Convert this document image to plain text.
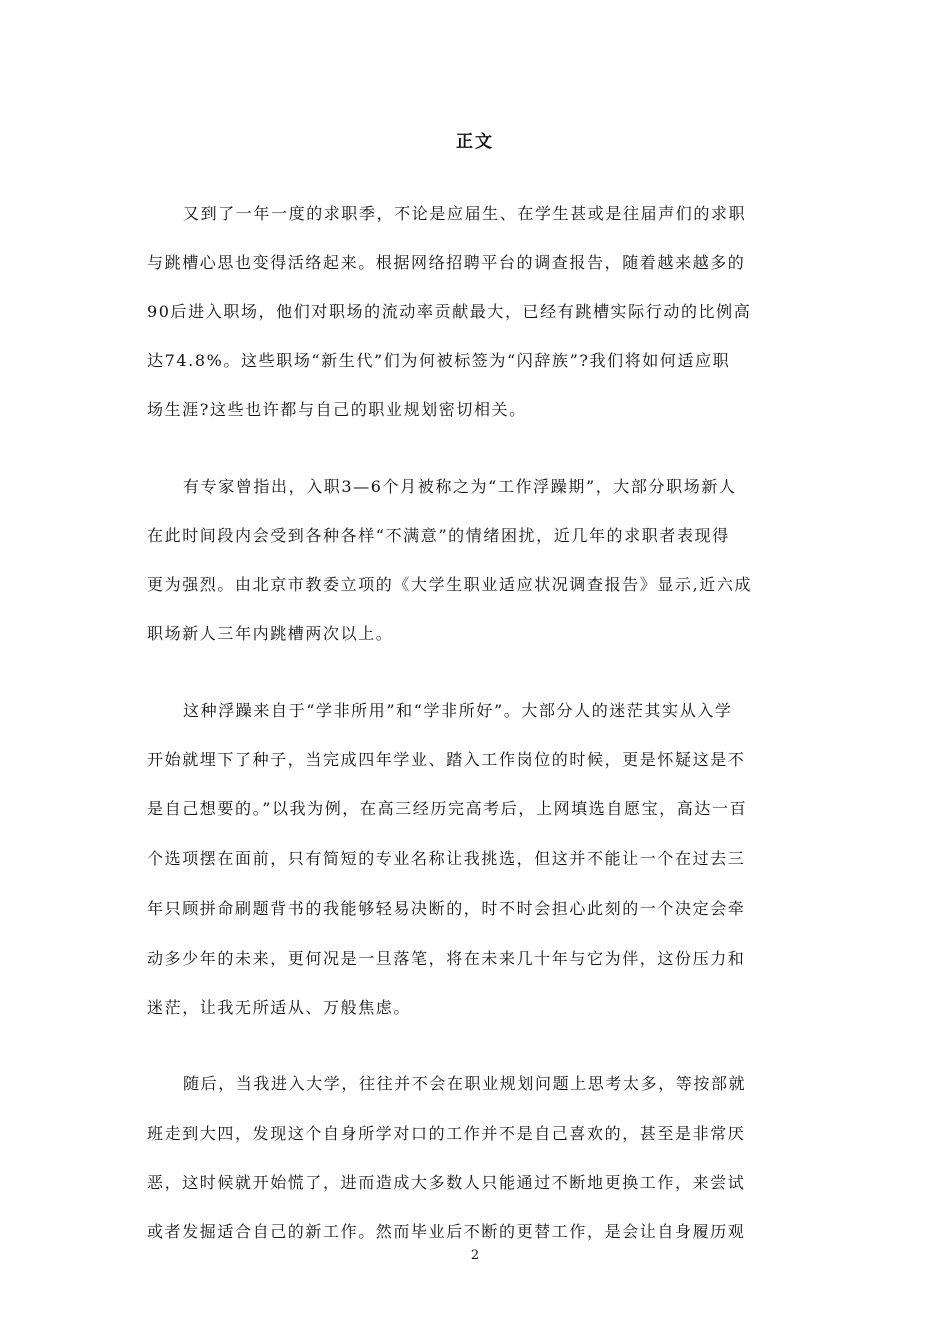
正文
又到了一年一度的求职季，不论是应届生、在学生甚或是往届声们的求职
与跳槽心思也变得活络起来。根据网络招聘平台的调查报告，随着越来越多的
90后进入职场，他们对职场的流动率贡献最大，已经有跳槽实际行动的比例高
达74.8%。这些职场“新生代”们为何被标签为“闪辞族”?我们将如何适应职
场生涯?这些也许都与自己的职业规划密切相关。
有专家曾指出，入职3—6个月被称之为“工作浮躁期”，大部分职场新人
在此时间段内会受到各种各样“不满意”的情绪困扰，近几年的求职者表现得
更为强烈。由北京市教委立项的《大学生职业适应状况调查报告》显示,近六成
职场新人三年内跳槽两次以上。
这种浮躁来自于“学非所用”和“学非所好”。大部分人的迷茫其实从入学
开始就埋下了种子，当完成四年学业、踏入工作岗位的时候，更是怀疑这是不
是自己想要的。”以我为例，在高三经历完高考后，上网填选自愿宝，高达一百
个选项摆在面前，只有简短的专业名称让我挑选，但这并不能让一个在过去三
年只顾拼命刷题背书的我能够轻易决断的，时不时会担心此刻的一个决定会牵
动多少年的未来，更何况是一旦落笔，将在未来几十年与它为伴，这份压力和
迷茫，让我无所适从、万般焦虑。
随后，当我进入大学，往往并不会在职业规划问题上思考太多，等按部就
班走到大四，发现这个自身所学对口的工作并不是自己喜欢的，甚至是非常厌
恶，这时候就开始慌了，进而造成大多数人只能通过不断地更换工作，来尝试
或者发掘适合自己的新工作。然而毕业后不断的更替工作，是会让自身履历观
2
